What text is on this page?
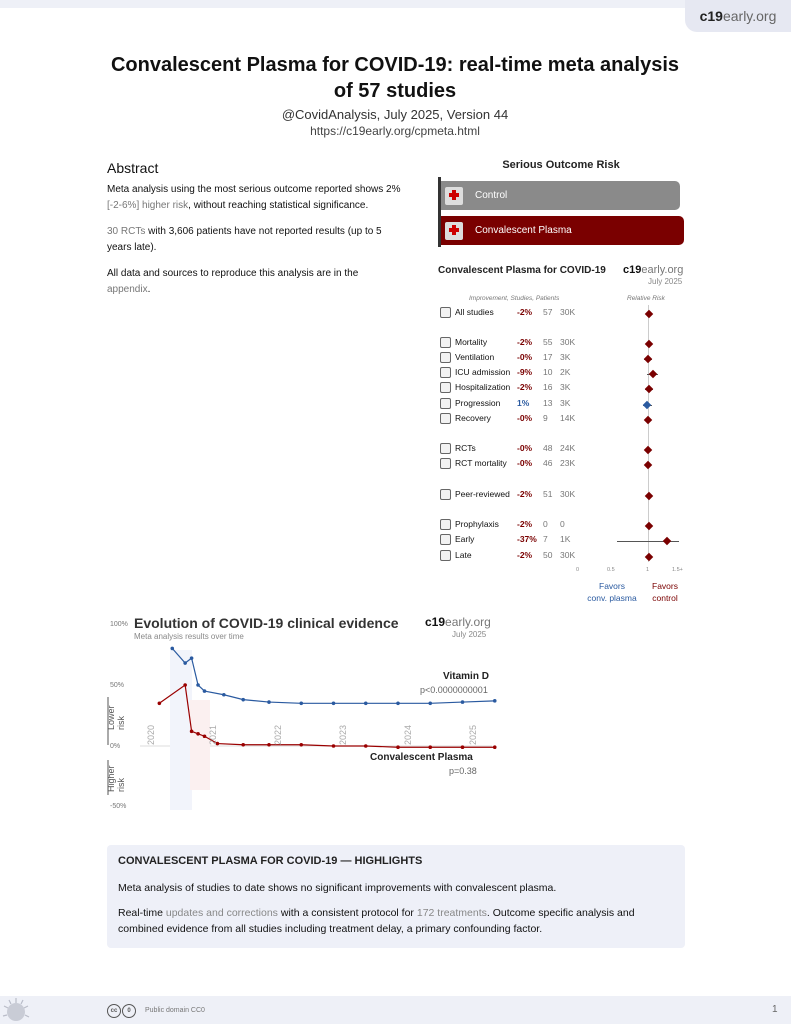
c19 early.org
Convalescent Plasma for COVID-19: real-time meta analysis of 57 studies
@CovidAnalysis, July 2025, Version 44
https://c19early.org/cpmeta.html
Abstract
Meta analysis using the most serious outcome reported shows 2% [-2-6%] higher risk, without reaching statistical significance.
30 RCTs with 3,606 patients have not reported results (up to 5 years late).
All data and sources to reproduce this analysis are in the appendix.
Serious Outcome Risk
Control
Convalescent Plasma
Convalescent Plasma for COVID-19 c19early.org
July 2025
Improvement, Studies, Patients	Relative Risk
All studies	-2% 57 30K
Mortality	-2% 55 30K
Ventilation	-0% 17 3K
ICU admission -9% 10 2K
Hospitalization -2% 16 3K
Progression 1% 13 3K
Recovery	-0% 9 14K
RCTs	-0% 48 24K
RCT mortality -0% 46 23K
Peer-reviewed -2% 51 30K
Prophylaxis -2% 0 0
Early	-37% 7 1K
Late	-2% 50 30K
0	0.5	1	1.5+
Favors
conv. plasma
Favors
control
100%
50%
0%
-50%
Lower risk
Higher risk
Evolution of COVID-19 clinical evidence
Meta analysis results over time
c19early.org
July 2025
2020	2021	2022	2023	2024	2025
Vitamin D
p<0.0000000001
Convalescent Plasma
p=0.38
CONVALESCENT PLASMA FOR COVID-19 — HIGHLIGHTS
Meta analysis of studies to date shows no significant improvements with convalescent plasma.
Real-time updates and corrections with a consistent protocol for 172 treatments. Outcome specific analysis and combined evidence from all studies including treatment delay, a primary confounding factor.
cc	0	Public domain CC0	1
